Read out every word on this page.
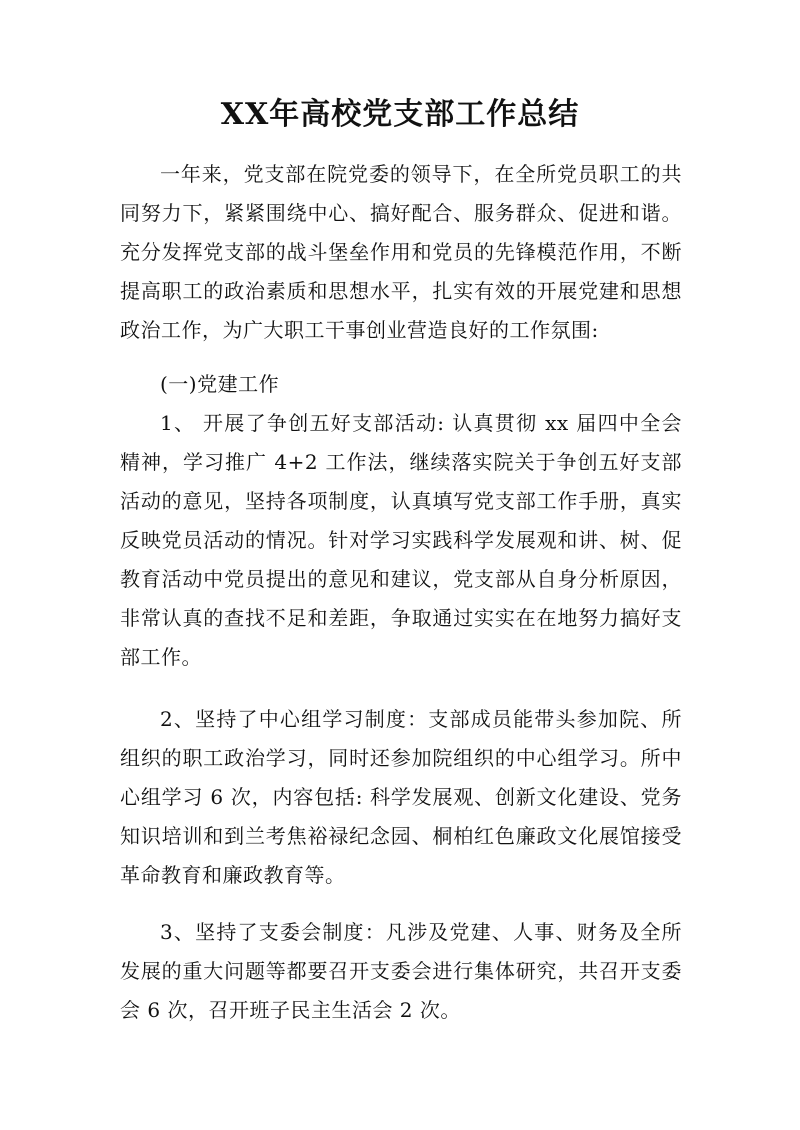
XX年高校党支部工作总结

一年来，党支部在院党委的领导下，在全所党员职工的共同努力下，紧紧围绕中心、搞好配合、服务群众、促进和谐。充分发挥党支部的战斗堡垒作用和党员的先锋模范作用，不断提高职工的政治素质和思想水平，扎实有效的开展党建和思想政治工作，为广大职工干事创业营造良好的工作氛围:

(一)党建工作

1、 开展了争创五好支部活动: 认真贯彻 xx 届四中全会精神，学习推广 4+2 工作法，继续落实院关于争创五好支部活动的意见，坚持各项制度，认真填写党支部工作手册，真实反映党员活动的情况。针对学习实践科学发展观和讲、树、促教育活动中党员提出的意见和建议，党支部从自身分析原因，非常认真的查找不足和差距，争取通过实实在在地努力搞好支部工作。

2、坚持了中心组学习制度：支部成员能带头参加院、所组织的职工政治学习，同时还参加院组织的中心组学习。所中心组学习 6 次，内容包括: 科学发展观、创新文化建设、党务知识培训和到兰考焦裕禄纪念园、桐柏红色廉政文化展馆接受革命教育和廉政教育等。

3、坚持了支委会制度：凡涉及党建、人事、财务及全所发展的重大问题等都要召开支委会进行集体研究，共召开支委会 6 次，召开班子民主生活会 2 次。
